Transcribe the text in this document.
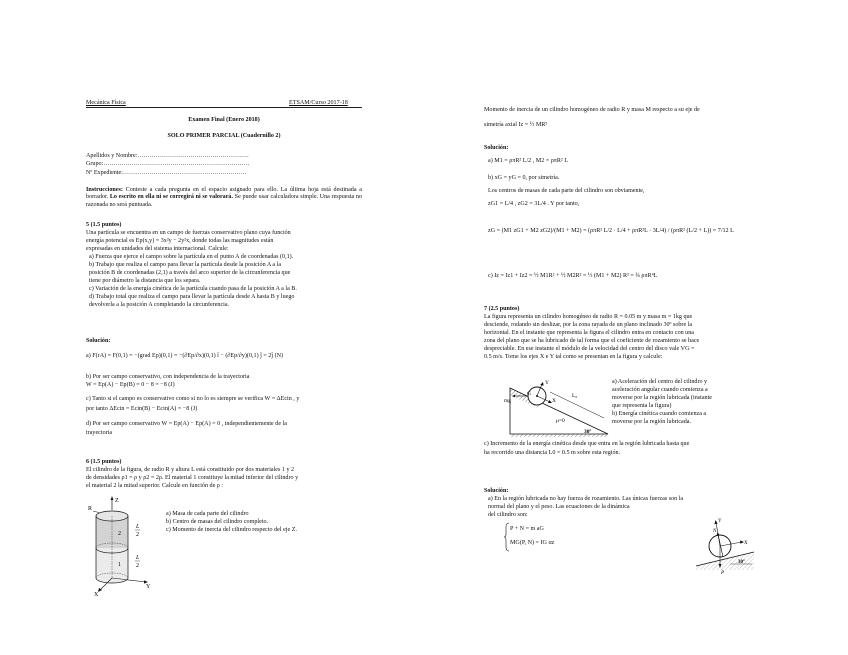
Mecánica Física	ETSAM/Curso 2017-18
Examen Final (Enero 2018)
SOLO PRIMER PARCIAL (Cuadernillo 2)
Apellidos y Nombre:……………………………………………….
Grupo:………………………………………………………………
Nº Expediente:…………………………………………………….
Instrucciones: Conteste a cada pregunta en el espacio asignado para ello. La última hoja está destinada a borrador. Lo escrito en ella ni se corregirá ni se valorará. Se puede usar calculadora simple. Una respuesta no razonada no será puntuada.
5 (1.5 puntos)
Una partícula se encuentra en un campo de fuerzas conservativo plano cuya función
energía potencial es Ep(x,y) = 3x²y − 2y²x, donde todas las magnitudes están
expresadas en unidades del sistema internacional. Calcule:
a) Fuerza que ejerce el campo sobre la partícula en el punto A de coordenadas (0,1).
b) Trabajo que realiza el campo para llevar la partícula desde la posición A a la
posición B de coordenadas (2,1) a través del arco superior de la circunferencia que
tiene por diámetro la distancia que los separa.
c) Variación de la energía cinética de la partícula cuando pasa de la posición A a la B.
d) Trabajo total que realiza el campo para llevar la partícula desde A hasta B y luego
devolverla a la posición A completando la circunferencia.
Solución:
a) F(rA) = F(0,1) = −(grad Ep)(0,1) = −(∂Ep/∂x)(0,1) î − (∂Ep/∂y)(0,1) ĵ = 2ĵ (N)
b) Por ser campo conservativo, con independencia de la trayectoria
W = Ep(A) − Ep(B) = 0 − 8 = −8 (J)
c) Tanto si el campo es conservativo como si no lo es siempre se verifica W = ΔEcin , y
por tanto ΔEcin = Ecin(B) − Ecin(A) = −8 (J)
d) Por ser campo conservativo W = Ep(A) − Ep(A) = 0 , independientemente de la
trayectoria
6 (1.5 puntos)
El cilindro de la figura, de radio R y altura L está constituido por dos materiales 1 y 2
de densidades ρ1 = ρ y ρ2 = 2ρ. El material 1 constituye la mitad inferior del cilindro y
el material 2 la mitad superior. Calcule en función de ρ :
Z
R
Y
X
2
1
L
2
L
2
a) Masa de cada parte del cilindro
b) Centro de masas del cilindro completo.
c) Momento de inercia del cilindro respecto del eje Z.
Momento de inercia de un cilindro homogéneo de radio R y masa M respecto a su eje de
simetría axial Iz = ½ MR²
Solución:
a) M1 = ρπR² L/2 , M2 = ρπR² L
b) xG = yG = 0, por simetría.
Los centros de masas de cada parte del cilindro son obviamente,
zG1 = L/4 , zG2 = 3L/4 . Y por tanto,
zG = (M1 zG1 + M2 zG2)/(M1 + M2) = (ρπR² L/2 · L/4 + ρπR²L · 3L/4) / (ρπR² (L/2 + L)) = 7/12 L
c) Iz = Iz1 + Iz2 = ½ M1R² + ½ M2R² = ½ (M1 + M2) R² = ¾ ρπR⁴L
7 (2.5 puntos)
La figura representa un cilindro homogéneo de radio R = 0.05 m y masa m = 1kg que
desciende, rodando sin deslizar, por la zona rayada de un plano inclinado 30º sobre la
horizontal. En el instante que representa la figura el cilindro entra en contacto con una
zona del plano que se ha lubricado de tal forma que el coeficiente de rozamiento se hace
despreciable. En ese instante el módulo de la velocidad del centro del disco vale VG =
0.5 m/s. Tome los ejes X e Y tal como se presentan en la figura y calcule:
G
mg	X
Y
L₀
μ=0
30º
a) Aceleración del centro del cilindro y
aceleración angular cuando comienza a
moverse por la región lubricada (instante
que representa la figura)
b) Energía cinética cuando comienza a
moverse por la región lubricada.
c) Incremento de la energía cinética desde que entra en la región lubricada hasta que
ha recorrido una distancia L0 = 0.5 m sobre esta región.
Solución:
a) En la región lubricada no hay fuerza de rozamiento. Las únicas fuerzas son la
normal del plano y el peso. Las ecuaciones de la dinámica
del cilindro son:
P + N = m aG
MG(P, N) = IG αz
Y
X
N
P
30º
